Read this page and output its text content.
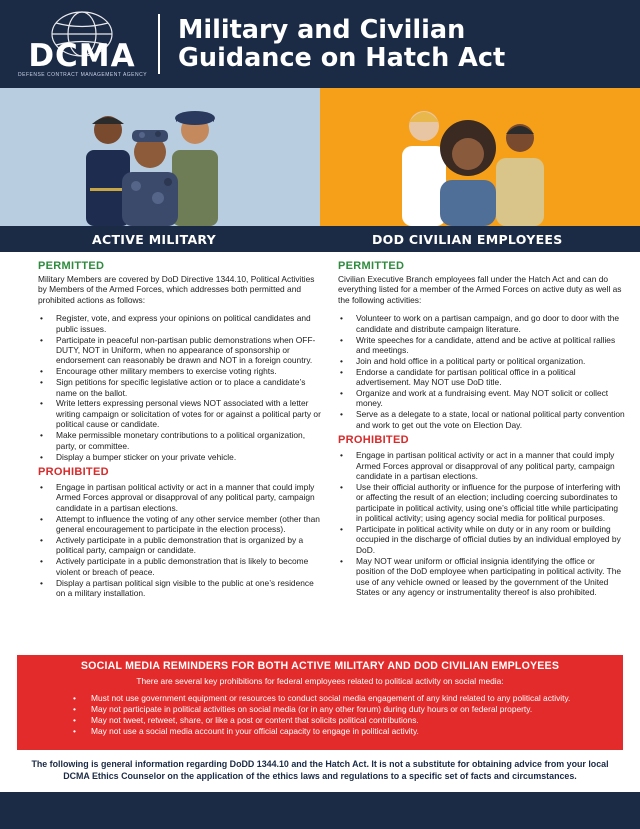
DCMA
DEFENSE CONTRACT MANAGEMENT AGENCY
Military and Civilian
Guidance on Hatch Act
ACTIVE MILITARY	DOD CIVILIAN EMPLOYEES
PERMITTED
Military Members are covered by DoD Directive 1344.10, Political Activities by Members of the Armed Forces, which addresses both permitted and prohibited actions as follows:
• Register, vote, and express your opinions on political candidates and public issues.
• Participate in peaceful non-partisan public demonstrations when OFF-DUTY, NOT in Uniform, when no appearance of sponsorship or endorsement can reasonably be drawn and NOT in a foreign country.
• Encourage other military members to exercise voting rights.
• Sign petitions for specific legislative action or to place a candidate’s name on the ballot.
• Write letters expressing personal views NOT associated with a letter writing campaign or solicitation of votes for or against a political party or political cause or candidate.
• Make permissible monetary contributions to a political organization, party, or committee.
• Display a bumper sticker on your private vehicle.
PROHIBITED
• Engage in partisan political activity or act in a manner that could imply Armed Forces approval or disapproval of any political party, campaign candidate in a partisan elections.
• Attempt to influence the voting of any other service member (other than general encouragement to participate in the election process).
• Actively participate in a public demonstration that is organized by a political party, campaign or candidate.
• Actively participate in a public demonstration that is likely to become violent or breach of peace.
• Display a partisan political sign visible to the public at one’s residence on a military installation.
PERMITTED
Civilian Executive Branch employees fall under the Hatch Act and can do everything listed for a member of the Armed Forces on active duty as well as the following activities:
• Volunteer to work on a partisan campaign, and go door to door with the candidate and distribute campaign literature.
• Write speeches for a candidate, attend and be active at political rallies and meetings.
• Join and hold office in a political party or political organization.
• Endorse a candidate for partisan political office in a political advertisement. May NOT use DoD title.
• Organize and work at a fundraising event. May NOT solicit or collect money.
• Serve as a delegate to a state, local or national political party convention and work to get out the vote on Election Day.
PROHIBITED
• Engage in partisan political activity or act in a manner that could imply Armed Forces approval or disapproval of any political party, campaign candidate in a partisan elections.
• Use their official authority or influence for the purpose of interfering with or affecting the result of an election; including coercing subordinates to participate in political activity, using one’s official title while participating in political activity; using agency social media for political purposes.
• Participate in political activity while on duty or in any room or building occupied in the discharge of official duties by an individual employed by DoD.
• May NOT wear uniform or official insignia identifying the office or position of the DoD employee when participating in political activity. The use of any vehicle owned or leased by the government of the United States or any agency or instrumentality thereof is also prohibited.
SOCIAL MEDIA REMINDERS FOR BOTH ACTIVE MILITARY AND DOD CIVILIAN EMPLOYEES
There are several key prohibitions for federal employees related to political activity on social media:
• Must not use government equipment or resources to conduct social media engagement of any kind related to any political activity.
• May not participate in political activities on social media (or in any other forum) during duty hours or on federal property.
• May not tweet, retweet, share, or like a post or content that solicits political contributions.
• May not use a social media account in your official capacity to engage in political activity.
The following is general information regarding DoDD 1344.10 and the Hatch Act. It is not a substitute for obtaining advice from your local DCMA Ethics Counselor on the application of the ethics laws and regulations to a specific set of facts and circumstances.
